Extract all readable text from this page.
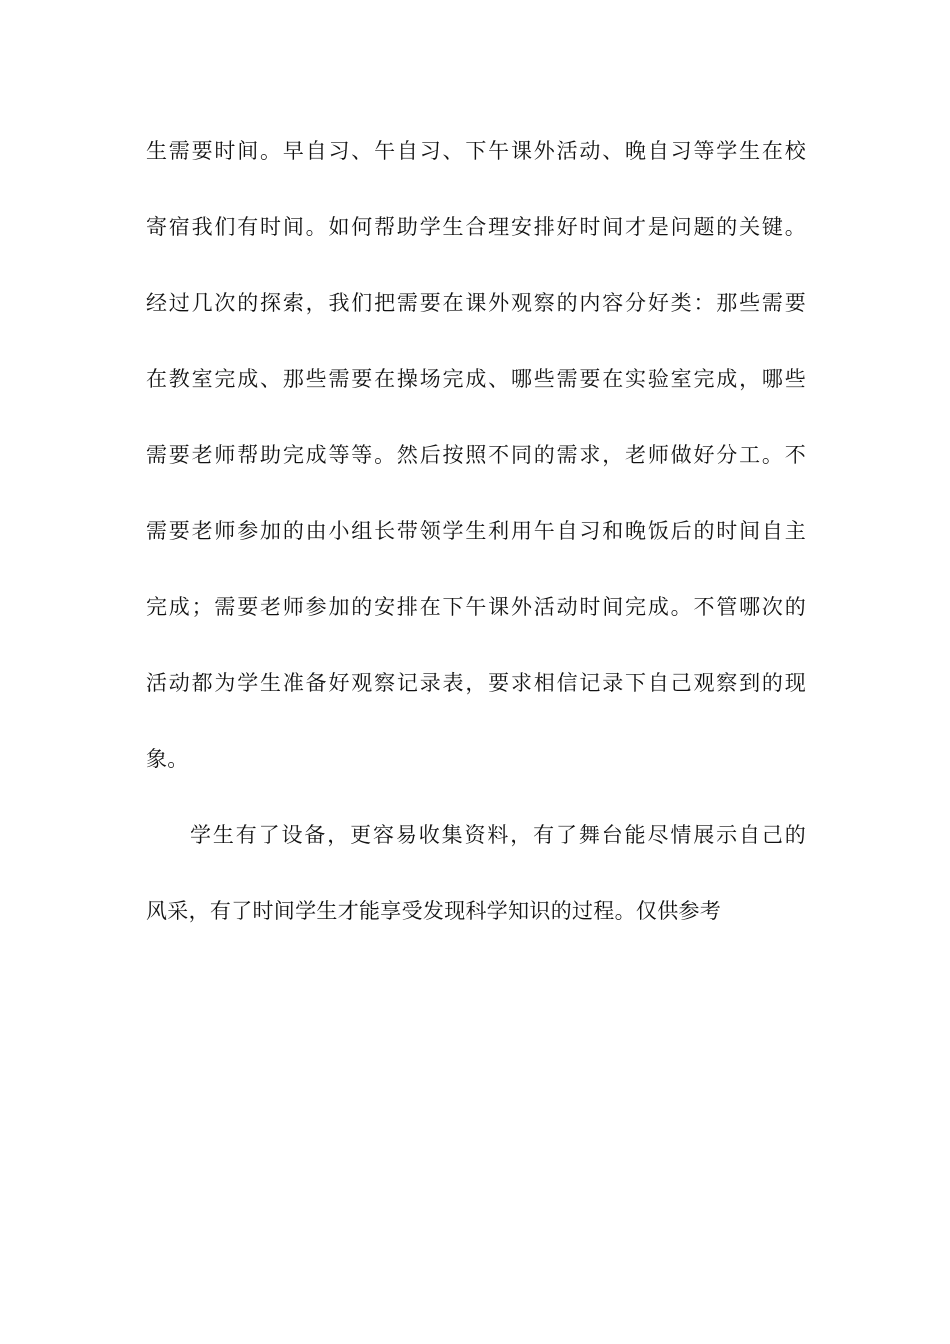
生需要时间。早自习、午自习、下午课外活动、晚自习等学生在校
寄宿我们有时间。如何帮助学生合理安排好时间才是问题的关键。
经过几次的探索，我们把需要在课外观察的内容分好类：那些需要
在教室完成、那些需要在操场完成、哪些需要在实验室完成，哪些
需要老师帮助完成等等。然后按照不同的需求，老师做好分工。不
需要老师参加的由小组长带领学生利用午自习和晚饭后的时间自主
完成；需要老师参加的安排在下午课外活动时间完成。不管哪次的
活动都为学生准备好观察记录表，要求相信记录下自己观察到的现
象。
学生有了设备，更容易收集资料，有了舞台能尽情展示自己的
风采，有了时间学生才能享受发现科学知识的过程。仅供参考
